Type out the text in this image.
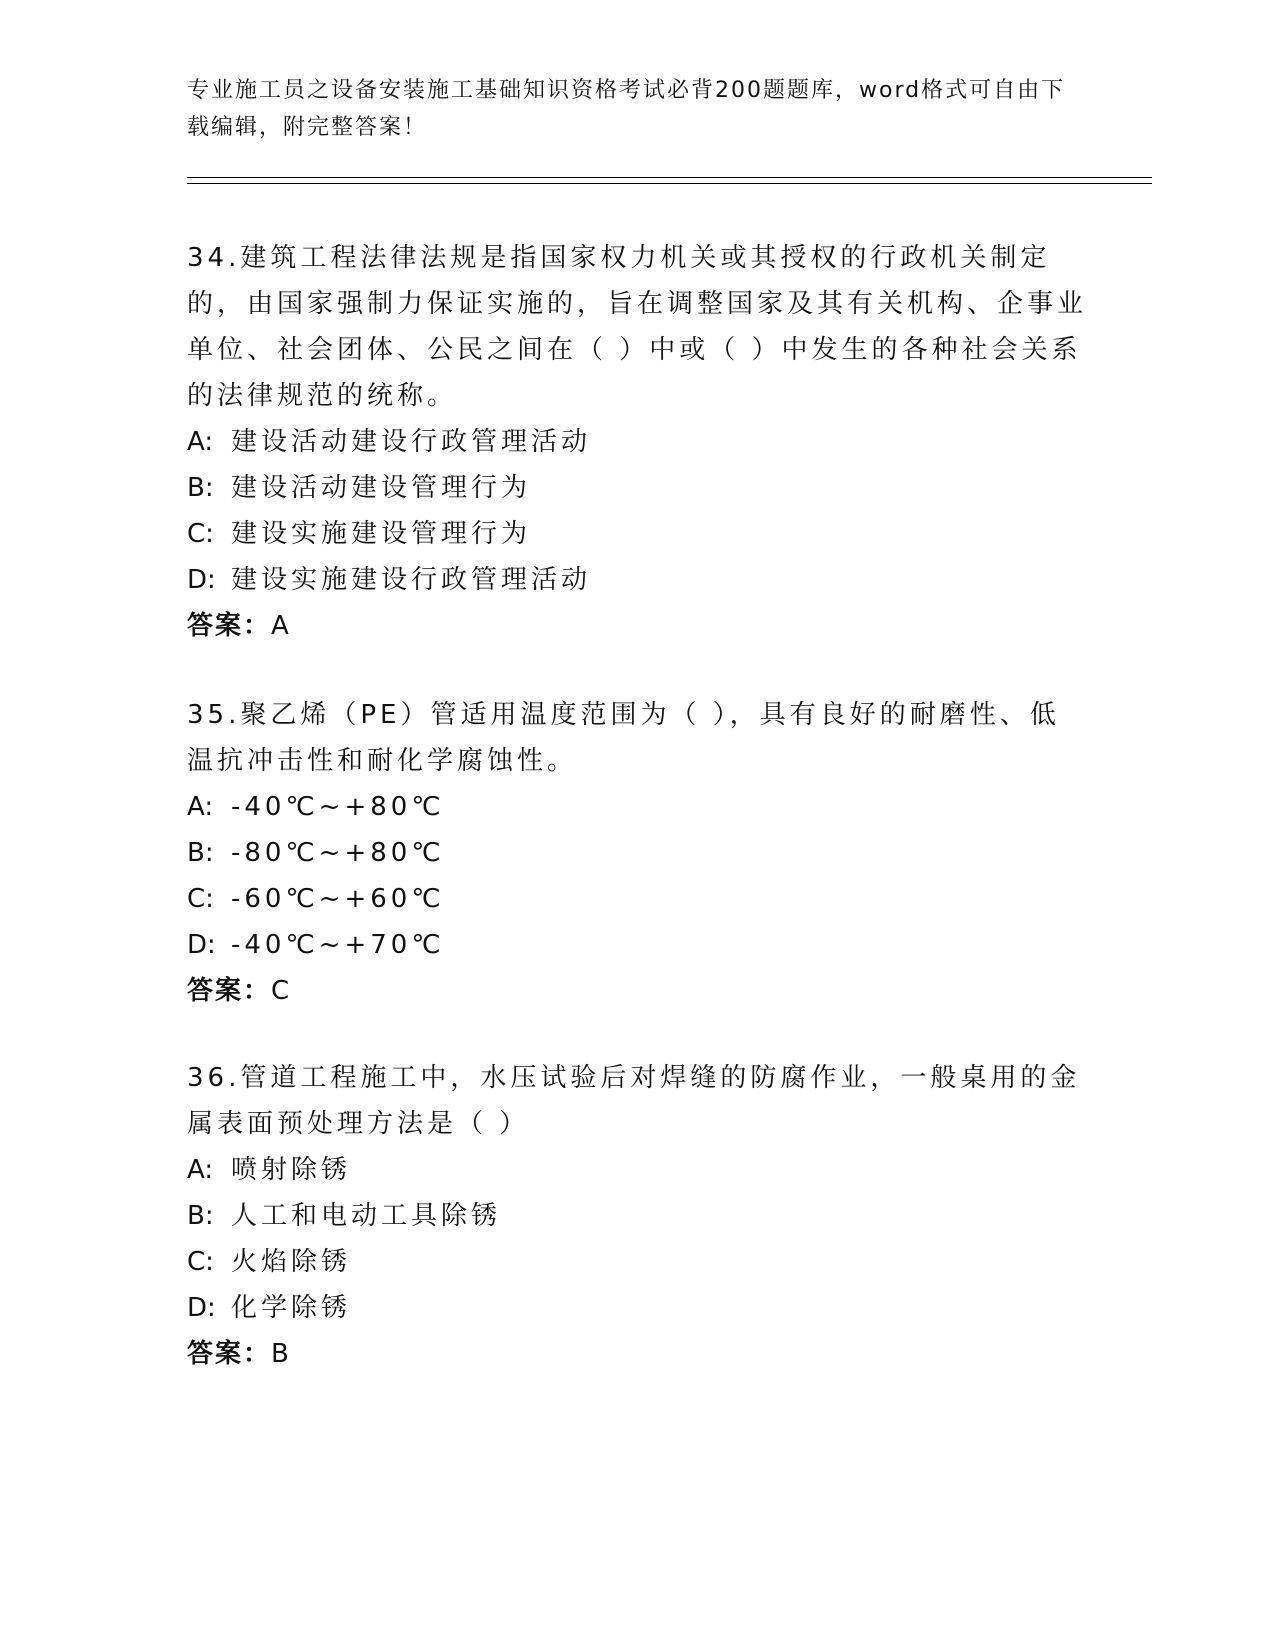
专业施工员之设备安装施工基础知识资格考试必背200题题库，word格式可自由下载编辑，附完整答案！

34.建筑工程法律法规是指国家权力机关或其授权的行政机关制定的，由国家强制力保证实施的，旨在调整国家及其有关机构、企事业单位、社会团体、公民之间在（ ）中或（ ）中发生的各种社会关系的法律规范的统称。

A: 建设活动建设行政管理活动

B: 建设活动建设管理行为

C: 建设实施建设管理行为

D: 建设实施建设行政管理活动

答案：A

35.聚乙烯（PE）管适用温度范围为（ ），具有良好的耐磨性、低温抗冲击性和耐化学腐蚀性。

A: -40℃~+80℃

B: -80℃~+80℃

C: -60℃~+60℃

D: -40℃~+70℃

答案：C

36.管道工程施工中，水压试验后对焊缝的防腐作业，一般桌用的金属表面预处理方法是（ ）

A: 喷射除锈

B: 人工和电动工具除锈

C: 火焰除锈

D: 化学除锈

答案：B
